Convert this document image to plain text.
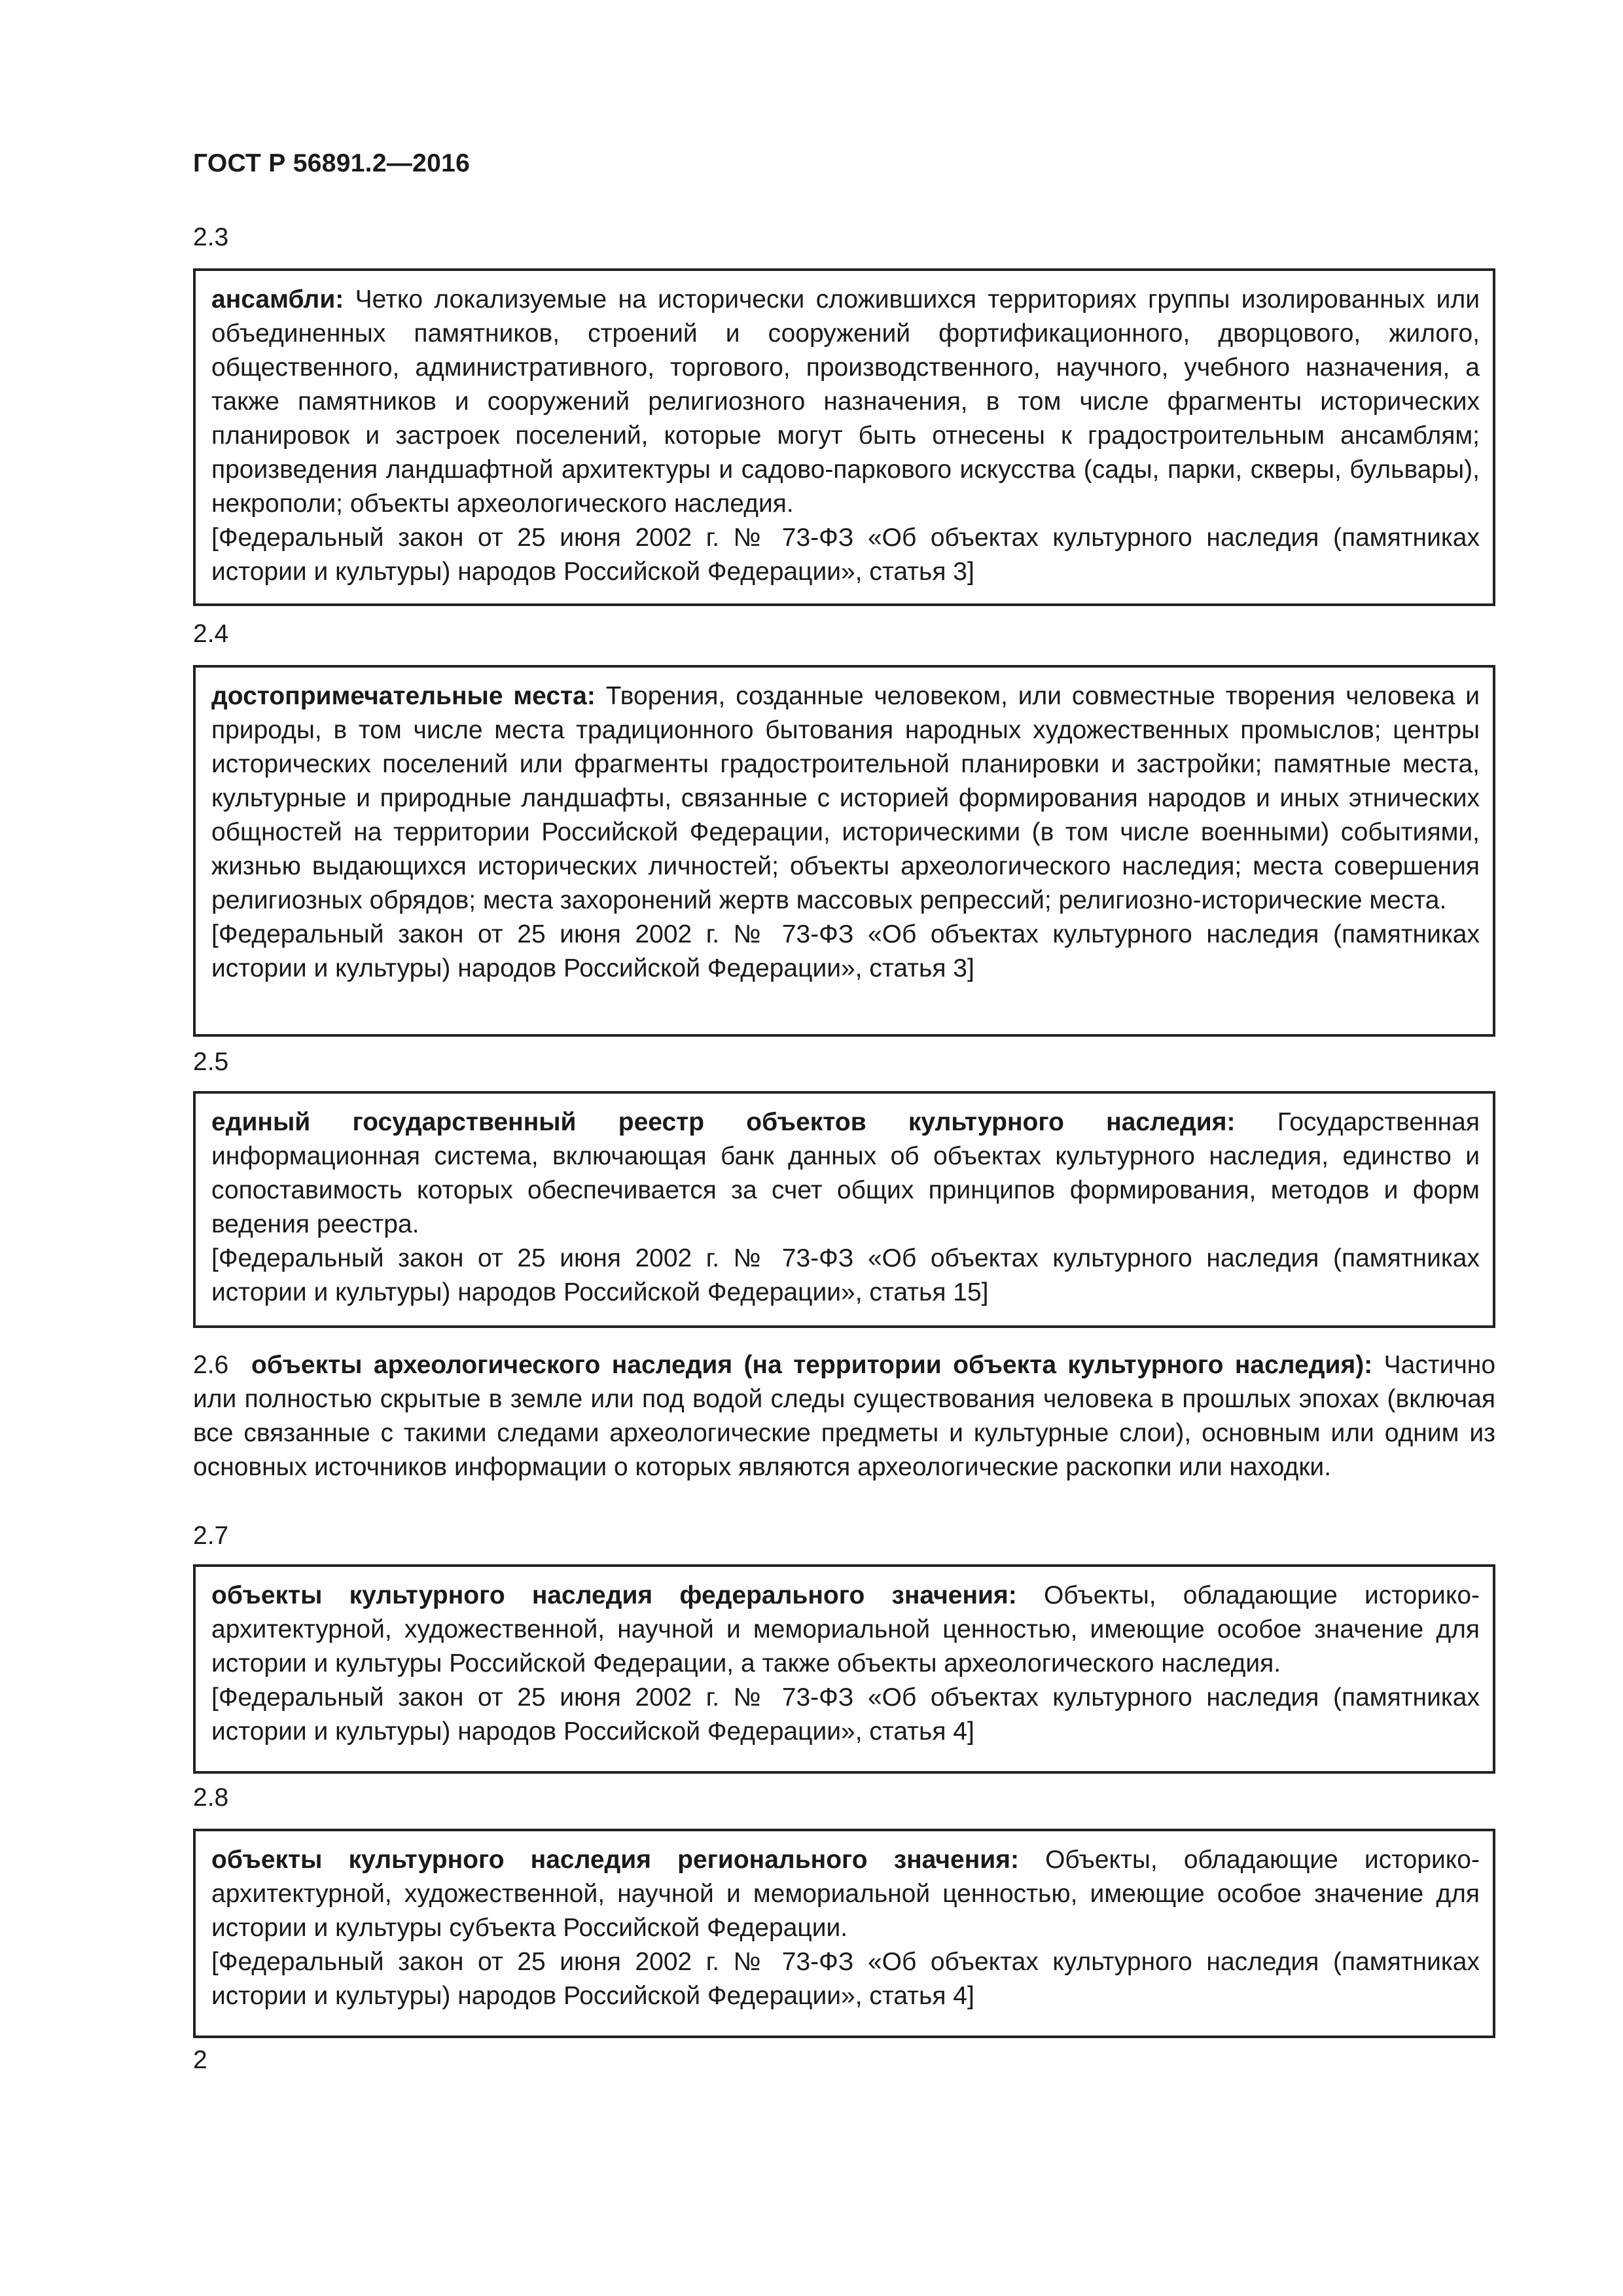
ГОСТ Р 56891.2—2016
2.3

ансамбли: Четко локализуемые на исторически сложившихся территориях группы изолированных или объединенных памятников, строений и сооружений фортификационного, дворцового, жилого, общественного, административного, торгового, производственного, научного, учебного назначения, а также памятников и сооружений религиозного назначения, в том числе фрагменты исторических планировок и застроек поселений, которые могут быть отнесены к градостроительным ансамблям; произведения ландшафтной архитектуры и садово-паркового искусства (сады, парки, скверы, бульвары), некрополи; объекты археологического наследия.

[Федеральный закон от 25 июня 2002 г. № 73-ФЗ «Об объектах культурного наследия (памятниках истории и культуры) народов Российской Федерации», статья 3]

2.4

достопримечательные места: Творения, созданные человеком, или совместные творения человека и природы, в том числе места традиционного бытования народных художественных промыслов; центры исторических поселений или фрагменты градостроительной планировки и застройки; памятные места, культурные и природные ландшафты, связанные с историей формирования народов и иных этнических общностей на территории Российской Федерации, историческими (в том числе военными) событиями, жизнью выдающихся исторических личностей; объекты археологического наследия; места совершения религиозных обрядов; места захоронений жертв массовых репрессий; религиозно-исторические места.

[Федеральный закон от 25 июня 2002 г. № 73-ФЗ «Об объектах культурного наследия (памятниках истории и культуры) народов Российской Федерации», статья 3]

2.5

единый государственный реестр объектов культурного наследия: Государственная информационная система, включающая банк данных об объектах культурного наследия, единство и сопоставимость которых обеспечивается за счет общих принципов формирования, методов и форм ведения реестра.

[Федеральный закон от 25 июня 2002 г. № 73-ФЗ «Об объектах культурного наследия (памятниках истории и культуры) народов Российской Федерации», статья 15]

2.6 объекты археологического наследия (на территории объекта культурного наследия): Частично или полностью скрытые в земле или под водой следы существования человека в прошлых эпохах (включая все связанные с такими следами археологические предметы и культурные слои), основным или одним из основных источников информации о которых являются археологические раскопки или находки.

2.7

объекты культурного наследия федерального значения: Объекты, обладающие историко-архитектурной, художественной, научной и мемориальной ценностью, имеющие особое значение для истории и культуры Российской Федерации, а также объекты археологического наследия.

[Федеральный закон от 25 июня 2002 г. № 73-ФЗ «Об объектах культурного наследия (памятниках истории и культуры) народов Российской Федерации», статья 4]

2.8

объекты культурного наследия регионального значения: Объекты, обладающие историко-архитектурной, художественной, научной и мемориальной ценностью, имеющие особое значение для истории и культуры субъекта Российской Федерации.

[Федеральный закон от 25 июня 2002 г. № 73-ФЗ «Об объектах культурного наследия (памятниках истории и культуры) народов Российской Федерации», статья 4]

2
